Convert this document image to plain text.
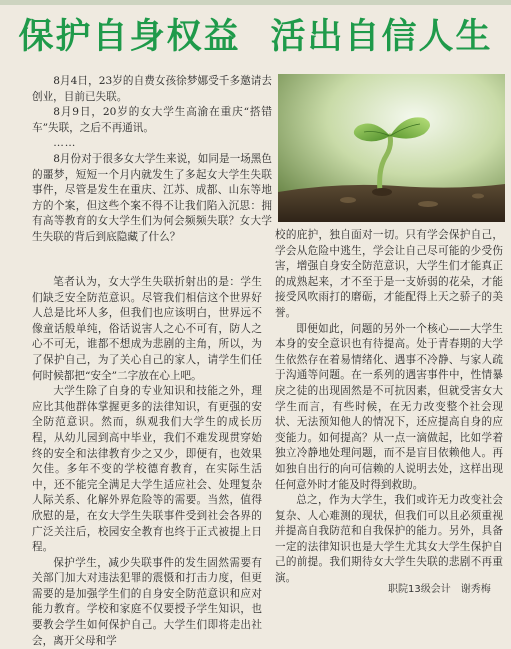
保护自身权益 活出自信人生

8月4日，23岁的自费女孩徐梦娜受千多邀请去创业，目前已失联。

8月9日，20岁的女大学生高渝在重庆“搭错车”失联，之后不再通讯。

……

8月份对于很多女大学生来说，如同是一场黑色的噩梦，短短一个月内就发生了多起女大学生失联事件，尽管是发生在重庆、江苏、成都、山东等地方的个案，但这些个案不得不让我们陷入沉思：拥有高等教育的女大学生们为何会频频失联？女大学生失联的背后到底隐藏了什么？

笔者认为，女大学生失联折射出的是：学生们缺乏安全防范意识。尽管我们相信这个世界好人总是比坏人多，但我们也应该明白，世界远不像童话般单纯，俗话说害人之心不可有，防人之心不可无，谁都不想成为悲剧的主角，所以，为了保护自己，为了关心自己的家人，请学生们任何时候都把“安全”二字放在心上吧。

大学生除了自身的专业知识和技能之外，理应比其他群体掌握更多的法律知识，有更强的安全防范意识。然而，纵观我们大学生的成长历程，从幼儿园到高中毕业，我们不难发现贯穿始终的安全和法律教育少之又少，即便有，也效果欠佳。多年不变的学校德育教育，在实际生活中，还不能完全满足大学生适应社会、处理复杂人际关系、化解外界危险等的需要。当然，值得欣慰的是，在女大学生失联事件受到社会各界的广泛关注后，校园安全教育也终于正式被提上日程。

保护学生，减少失联事件的发生固然需要有关部门加大对违法犯罪的震慑和打击力度，但更需要的是加强学生们的自身安全防范意识和应对能力教育。学校和家庭不仅要授予学生知识，也要教会学生如何保护自己。大学生们即将走出社会，离开父母和学

校的庇护，独自面对一切。只有学会保护自己，学会从危险中逃生，学会让自己尽可能的少受伤害，增强自身安全防范意识，大学生们才能真正的成熟起来，才不至于是一支娇弱的花朵，才能接受风吹雨打的磨砺，才能配得上天之骄子的美誉。

即便如此，问题的另外一个核心——大学生本身的安全意识也有待提高。处于青春期的大学生依然存在着易情绪化、遇事不冷静、与家人疏于沟通等问题。在一系列的遇害事件中，性情暴戾之徒的出现固然是不可抗因素，但就受害女大学生而言，有些时候，在无力改变整个社会现状、无法预知他人的情况下，还应提高自身的应变能力。如何提高？从一点一滴做起，比如学着独立冷静地处理问题，而不是盲目依赖他人。再如独自出行的向可信赖的人说明去处，这样出现任何意外时才能及时得到救助。

总之，作为大学生，我们或许无力改变社会复杂、人心难测的现状，但我们可以且必须重视并提高自我防范和自我保护的能力。另外，具备一定的法律知识也是大学生尤其女大学生保护自己的前提。我们期待女大学生失联的悲剧不再重演。

职院13级会计　谢秀梅
